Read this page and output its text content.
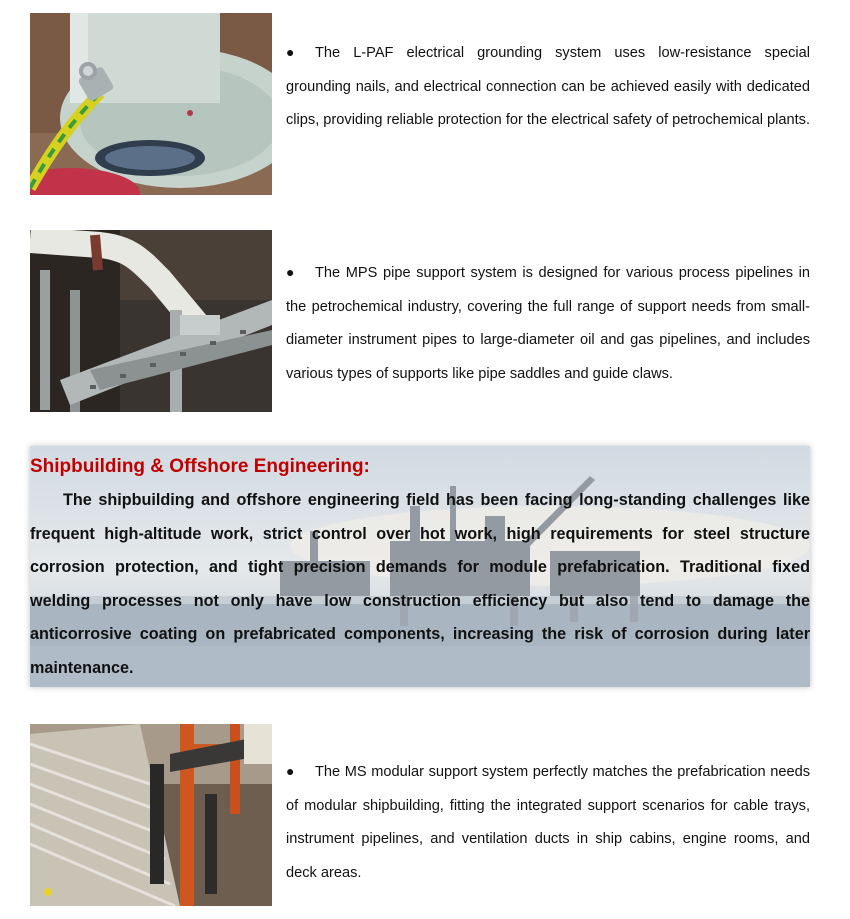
● The L-PAF electrical grounding system uses low-resistance special grounding nails, and electrical connection can be achieved easily with dedicated clips, providing reliable protection for the electrical safety of petrochemical plants.
● The MPS pipe support system is designed for various process pipelines in the petrochemical industry, covering the full range of support needs from small-diameter instrument pipes to large-diameter oil and gas pipelines, and includes various types of supports like pipe saddles and guide claws.
Shipbuilding & Offshore Engineering:
The shipbuilding and offshore engineering field has been facing long-standing challenges like frequent high-altitude work, strict control over hot work, high requirements for steel structure corrosion protection, and tight precision demands for module prefabrication. Traditional fixed welding processes not only have low construction efficiency but also tend to damage the anticorrosive coating on prefabricated components, increasing the risk of corrosion during later maintenance.
● The MS modular support system perfectly matches the prefabrication needs of modular shipbuilding, fitting the integrated support scenarios for cable trays, instrument pipelines, and ventilation ducts in ship cabins, engine rooms, and deck areas.
